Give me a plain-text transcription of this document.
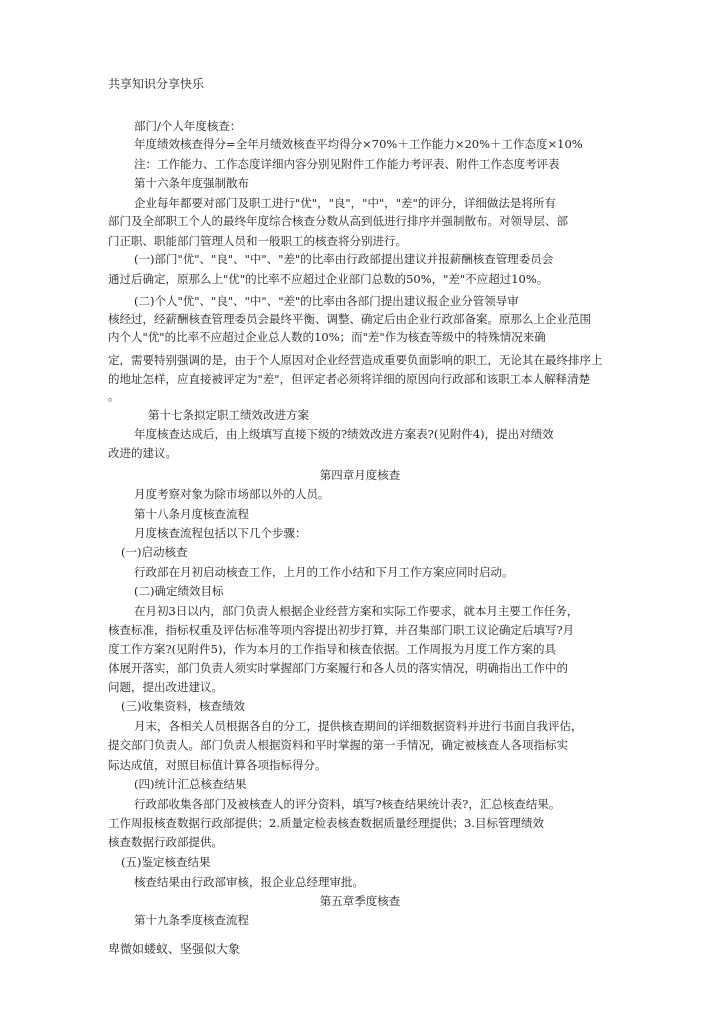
共享知识分享快乐
部门/个人年度核查：
年度绩效核查得分=全年月绩效核查平均得分×70%＋工作能力×20%＋工作态度×10%
注：工作能力、工作态度详细内容分别见附件工作能力考评表、附件工作态度考评表
第十六条年度强制散布
企业每年都要对部门及职工进行"优"，"良"，"中"，"差"的评分，详细做法是将所有
部门及全部职工个人的最终年度综合核查分数从高到低进行排序并强制散布。对领导层、部
门正职、职能部门管理人员和一般职工的核查将分别进行。
(一)部门"优"、"良"、"中"、"差"的比率由行政部提出建议并报薪酬核查管理委员会
通过后确定，原那么上"优"的比率不应超过企业部门总数的50%，"差"不应超过10%。
(二)个人"优"、"良"、"中"、"差"的比率由各部门提出建议报企业分管领导审
核经过，经薪酬核查管理委员会最终平衡、调整、确定后由企业行政部备案。原那么上企业范围
内个人"优"的比率不应超过企业总人数的10%；而"差"作为核查等级中的特殊情况来确
定，需要特别强调的是，由于个人原因对企业经营造成重要负面影响的职工，无论其在最终排序上
的地址怎样，应直接被评定为"差"，但评定者必须将详细的原因向行政部和该职工本人解释清楚
。
第十七条拟定职工绩效改进方案
年度核查达成后，由上级填写直接下级的?绩效改进方案表?(见附件4)，提出对绩效
改进的建议。
第四章月度核查
月度考察对象为除市场部以外的人员。
第十八条月度核查流程
月度核查流程包括以下几个步骤：
(一)启动核查
行政部在月初启动核查工作，上月的工作小结和下月工作方案应同时启动。
(二)确定绩效目标
在月初3日以内，部门负责人根据企业经营方案和实际工作要求，就本月主要工作任务，
核查标准，指标权重及评估标准等项内容提出初步打算，并召集部门职工议论确定后填写?月
度工作方案?(见附件5)，作为本月的工作指导和核查依据。工作周报为月度工作方案的具
体展开落实，部门负责人须实时掌握部门方案履行和各人员的落实情况，明确指出工作中的
问题，提出改进建议。
(三)收集资料，核查绩效
月末，各相关人员根据各自的分工，提供核查期间的详细数据资料并进行书面自我评估，
提交部门负责人。部门负责人根据资料和平时掌握的第一手情况，确定被核查人各项指标实
际达成值，对照目标值计算各项指标得分。
(四)统计汇总核查结果
行政部收集各部门及被核查人的评分资料，填写?核查结果统计表?，汇总核查结果。
工作周报核查数据行政部提供；2.质量定检表核查数据质量经理提供；3.目标管理绩效
核查数据行政部提供。
(五)鉴定核查结果
核查结果由行政部审核，报企业总经理审批。
第五章季度核查
第十九条季度核查流程
卑微如蝼蚁、坚强似大象
